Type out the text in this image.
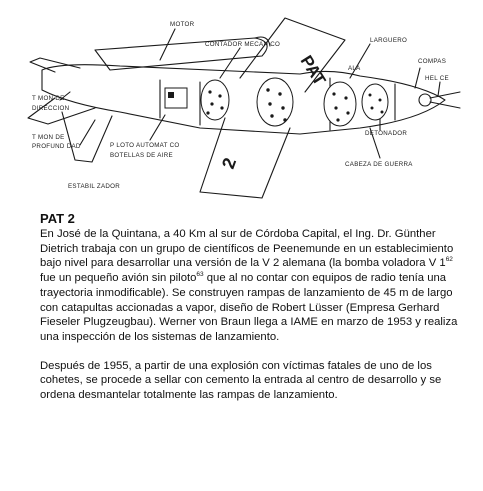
PAT
2
MOTOR
CONTADOR MECAN CO
LARGUERO
COMPAS
ALA
HEL CE
T MON DE
DIRECCION
T MON DE
PROFUND DAD	P LOTO AUTOMAT CO
BOTELLAS DE AIRE
DETONADOR
CABEZA DE GUERRA
ESTABIL ZADOR
PAT 2

En José de la Quintana, a 40 Km al sur de Córdoba Capital, el Ing. Dr. Günther Dietrich trabaja con un grupo de científicos de Peenemunde en un establecimiento bajo nivel para desarrollar una versión de la V 2 alemana (la bomba voladora V $1^{62}$ fue un pequeño avión sin piloto$^{63}$ que al no contar con equipos de radio tenía una trayectoria inmodificable). Se construyen rampas de lanzamiento de 45 m de largo con catapultas accionadas a vapor, diseño de Robert Lüsser (Empresa Gerhard Fieseler Plugzeugbau). Werner von Braun llega a IAME en marzo de 1953 y realiza una inspección de los sistemas de lanzamiento.

Después de 1955, a partir de una explosión con víctimas fatales de uno de los cohetes, se procede a sellar con cemento la entrada al centro de desarrollo y se ordena desmantelar totalmente las rampas de lanzamiento.
